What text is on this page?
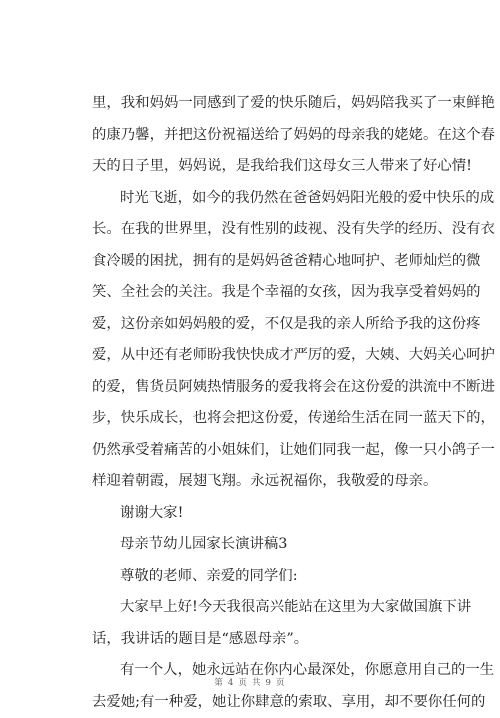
里，我和妈妈一同感到了爱的快乐随后，妈妈陪我买了一束鲜艳
的康乃馨，并把这份祝福送给了妈妈的母亲我的姥姥。在这个春
天的日子里，妈妈说，是我给我们这母女三人带来了好心情!
时光飞逝，如今的我仍然在爸爸妈妈阳光般的爱中快乐的成
长。在我的世界里，没有性别的歧视、没有失学的经历、没有衣
食冷暖的困扰，拥有的是妈妈爸爸精心地呵护、老师灿烂的微
笑、全社会的关注。我是个幸福的女孩，因为我享受着妈妈的
爱，这份亲如妈妈般的爱，不仅是我的亲人所给予我的这份疼
爱，从中还有老师盼我快快成才严厉的爱，大姨、大妈关心呵护
的爱，售货员阿姨热情服务的爱我将会在这份爱的洪流中不断进
步，快乐成长，也将会把这份爱，传递给生活在同一蓝天下的，
仍然承受着痛苦的小姐妹们，让她们同我一起，像一只小鸽子一
样迎着朝霞，展翅飞翔。永远祝福你，我敬爱的母亲。
谢谢大家!
母亲节幼儿园家长演讲稿3
尊敬的老师、亲爱的同学们:
大家早上好!今天我很高兴能站在这里为大家做国旗下讲
话，我讲话的题目是“感恩母亲”。
有一个人，她永远站在你内心最深处，你愿意用自己的一生
去爱她;有一种爱，她让你肆意的索取、享用，却不要你任何的
第 4 页 共 9 页
